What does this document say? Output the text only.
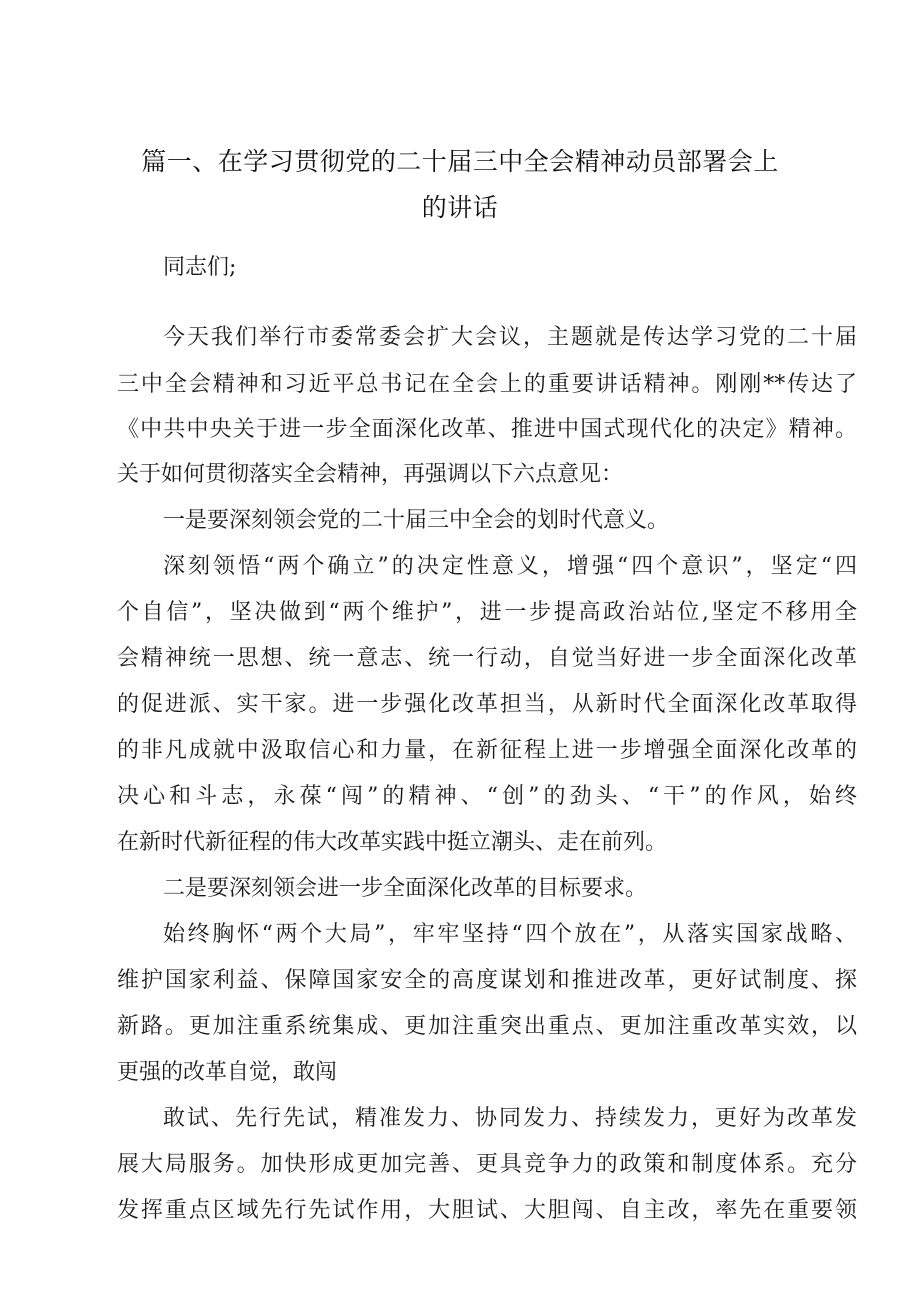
篇一、在学习贯彻党的二十届三中全会精神动员部署会上
的讲话
同志们;
今天我们举行市委常委会扩大会议，主题就是传达学习党的二十届
三中全会精神和习近平总书记在全会上的重要讲话精神。刚刚**传达了
《中共中央关于进一步全面深化改革、推进中国式现代化的决定》精神。
关于如何贯彻落实全会精神，再强调以下六点意见：
一是要深刻领会党的二十届三中全会的划时代意义。
深刻领悟“两个确立”的决定性意义，增强“四个意识”，坚定“四
个自信”，坚决做到“两个维护”，进一步提高政治站位,坚定不移用全
会精神统一思想、统一意志、统一行动，自觉当好进一步全面深化改革
的促进派、实干家。进一步强化改革担当，从新时代全面深化改革取得
的非凡成就中汲取信心和力量，在新征程上进一步增强全面深化改革的
决心和斗志，永葆“闯”的精神、“创”的劲头、“干”的作风，始终
在新时代新征程的伟大改革实践中挺立潮头、走在前列。
二是要深刻领会进一步全面深化改革的目标要求。
始终胸怀“两个大局”，牢牢坚持“四个放在”，从落实国家战略、
维护国家利益、保障国家安全的高度谋划和推进改革，更好试制度、探
新路。更加注重系统集成、更加注重突出重点、更加注重改革实效，以
更强的改革自觉，敢闯
敢试、先行先试，精准发力、协同发力、持续发力，更好为改革发
展大局服务。加快形成更加完善、更具竞争力的政策和制度体系。充分
发挥重点区域先行先试作用，大胆试、大胆闯、自主改，率先在重要领
